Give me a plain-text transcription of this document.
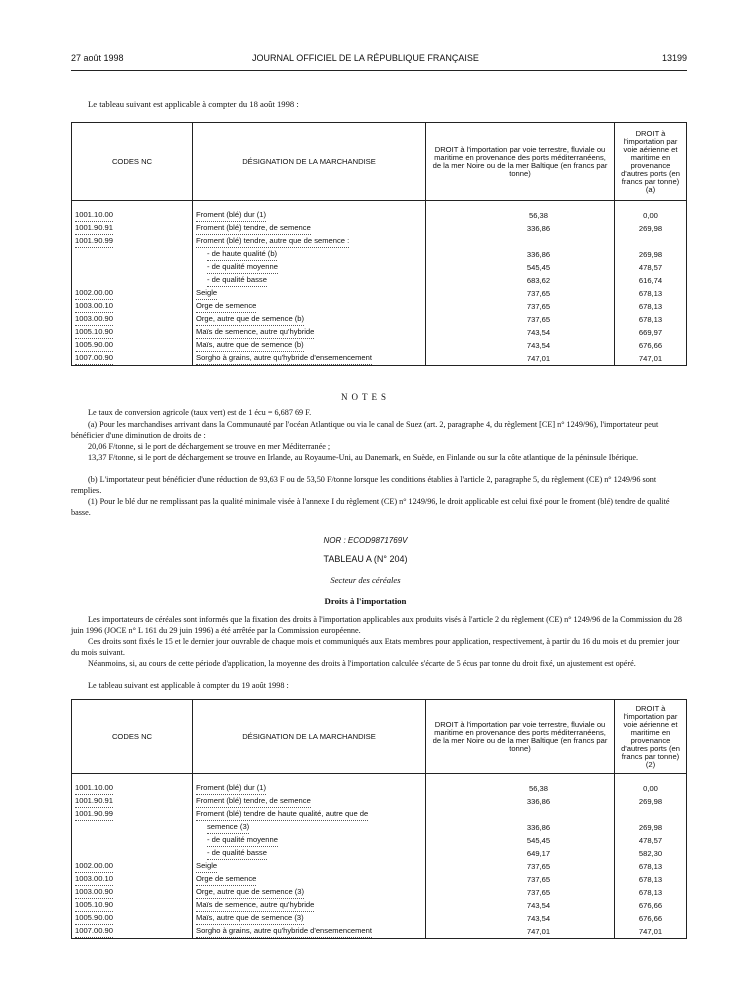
27 août 1998	JOURNAL OFFICIEL DE LA RÉPUBLIQUE FRANÇAISE	13199
Le tableau suivant est applicable à compter du 18 août 1998 :
CODES NC	DÉSIGNATION DE LA MARCHANDISE	DROIT à l'importation par voie terrestre, fluviale ou maritime en provenance des ports méditerranéens, de la mer Noire ou de la mer Baltique (en francs par tonne)	DROIT à l'importation par voie aérienne et maritime en provenance d'autres ports (en francs par tonne) (a)

1001.10.00	Froment (blé) dur (1)	56,38	0,00
1001.90.91	Froment (blé) tendre, de semence	336,86	269,98
1001.90.99	Froment (blé) tendre, autre que de semence :		
	- de haute qualité (b)	336,86	269,98
	- de qualité moyenne	545,45	478,57
	- de qualité basse	683,62	616,74
1002.00.00	Seigle	737,65	678,13
1003.00.10	Orge de semence	737,65	678,13
1003.00.90	Orge, autre que de semence (b)	737,65	678,13
1005.10.90	Maïs de semence, autre qu'hybride	743,54	669,97
1005.90.00	Maïs, autre que de semence (b)	743,54	676,66
1007.00.90	Sorgho à grains, autre qu'hybride d'ensemencement	747,01	747,01
NOTES
Le taux de conversion agricole (taux vert) est de 1 écu = 6,687 69 F.
(a) Pour les marchandises arrivant dans la Communauté par l'océan Atlantique ou via le canal de Suez (art. 2, paragraphe 4, du règlement [CE] n° 1249/96), l'importateur peut bénéficier d'une diminution de droits de :
20,06 F/tonne, si le port de déchargement se trouve en mer Méditerranée ;
13,37 F/tonne, si le port de déchargement se trouve en Irlande, au Royaume-Uni, au Danemark, en Suède, en Finlande ou sur la côte atlantique de la péninsule Ibérique.
(b) L'importateur peut bénéficier d'une réduction de 93,63 F ou de 53,50 F/tonne lorsque les conditions établies à l'article 2, paragraphe 5, du règlement (CE) n° 1249/96 sont remplies.
(1) Pour le blé dur ne remplissant pas la qualité minimale visée à l'annexe I du règlement (CE) n° 1249/96, le droit applicable est celui fixé pour le froment (blé) tendre de qualité basse.
NOR : ECOD9871769V
TABLEAU A (N° 204)
Secteur des céréales
Droits à l'importation
Les importateurs de céréales sont informés que la fixation des droits à l'importation applicables aux produits visés à l'article 2 du règlement (CE) n° 1249/96 de la Commission du 28 juin 1996 (JOCE n° L 161 du 29 juin 1996) a été arrêtée par la Commission européenne.
Ces droits sont fixés le 15 et le dernier jour ouvrable de chaque mois et communiqués aux Etats membres pour application, respectivement, à partir du 16 du mois et du premier jour du mois suivant.
Néanmoins, si, au cours de cette période d'application, la moyenne des droits à l'importation calculée s'écarte de 5 écus par tonne du droit fixé, un ajustement est opéré.
Le tableau suivant est applicable à compter du 19 août 1998 :
CODES NC	DÉSIGNATION DE LA MARCHANDISE	DROIT à l'importation par voie terrestre, fluviale ou maritime en provenance des ports méditerranéens, de la mer Noire ou de la mer Baltique (en francs par tonne)	DROIT à l'importation par voie aérienne et maritime en provenance d'autres ports (en francs par tonne) (2)

1001.10.00	Froment (blé) dur (1)	56,38	0,00
1001.90.91	Froment (blé) tendre, de semence	336,86	269,98
1001.90.99	Froment (blé) tendre de haute qualité, autre que de		
	semence (3)	336,86	269,98
	- de qualité moyenne	545,45	478,57
	- de qualité basse	649,17	582,30
1002.00.00	Seigle	737,65	678,13
1003.00.10	Orge de semence	737,65	678,13
1003.00.90	Orge, autre que de semence (3)	737,65	678,13
1005.10.90	Maïs de semence, autre qu'hybride	743,54	676,66
1005.90.00	Maïs, autre que de semence (3)	743,54	676,66
1007.00.90	Sorgho à grains, autre qu'hybride d'ensemencement	747,01	747,01
